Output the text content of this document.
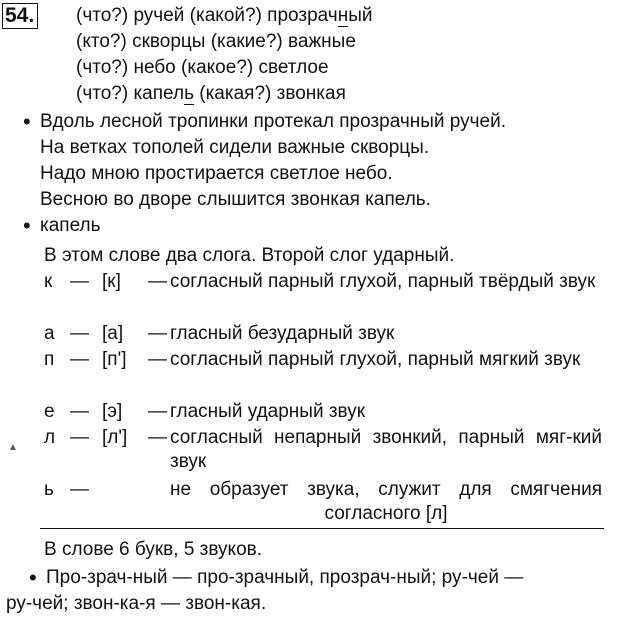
54. (что?) ручей (какой?) прозрачный
(кто?) скворцы (какие?) важные
(что?) небо (какое?) светлое
(что?) капель (какая?) звонкая
• Вдоль лесной тропинки протекал прозрачный ручей.
На ветках тополей сидели важные скворцы.
Надо мною простирается светлое небо.
Весною во дворе слышится звонкая капель.
• капель
В этом слове два слога. Второй слог ударный.
к — [к] — согласный парный глухой, парный твёрдый звук
а — [а] — гласный безударный звук
п — [п'] — согласный парный глухой, парный мягкий звук
е — [э] — гласный ударный звук
л — [л'] — согласный непарный звонкий, парный мяг-кий звук
ь —	не образует звука, служит для смягчения согласного [л]
▲
В слове 6 букв, 5 звуков.
• Про-зрач-ный — про-зрачный, прозрач-ный; ру-чей —
ру-чей; звон-ка-я — звон-кая.
